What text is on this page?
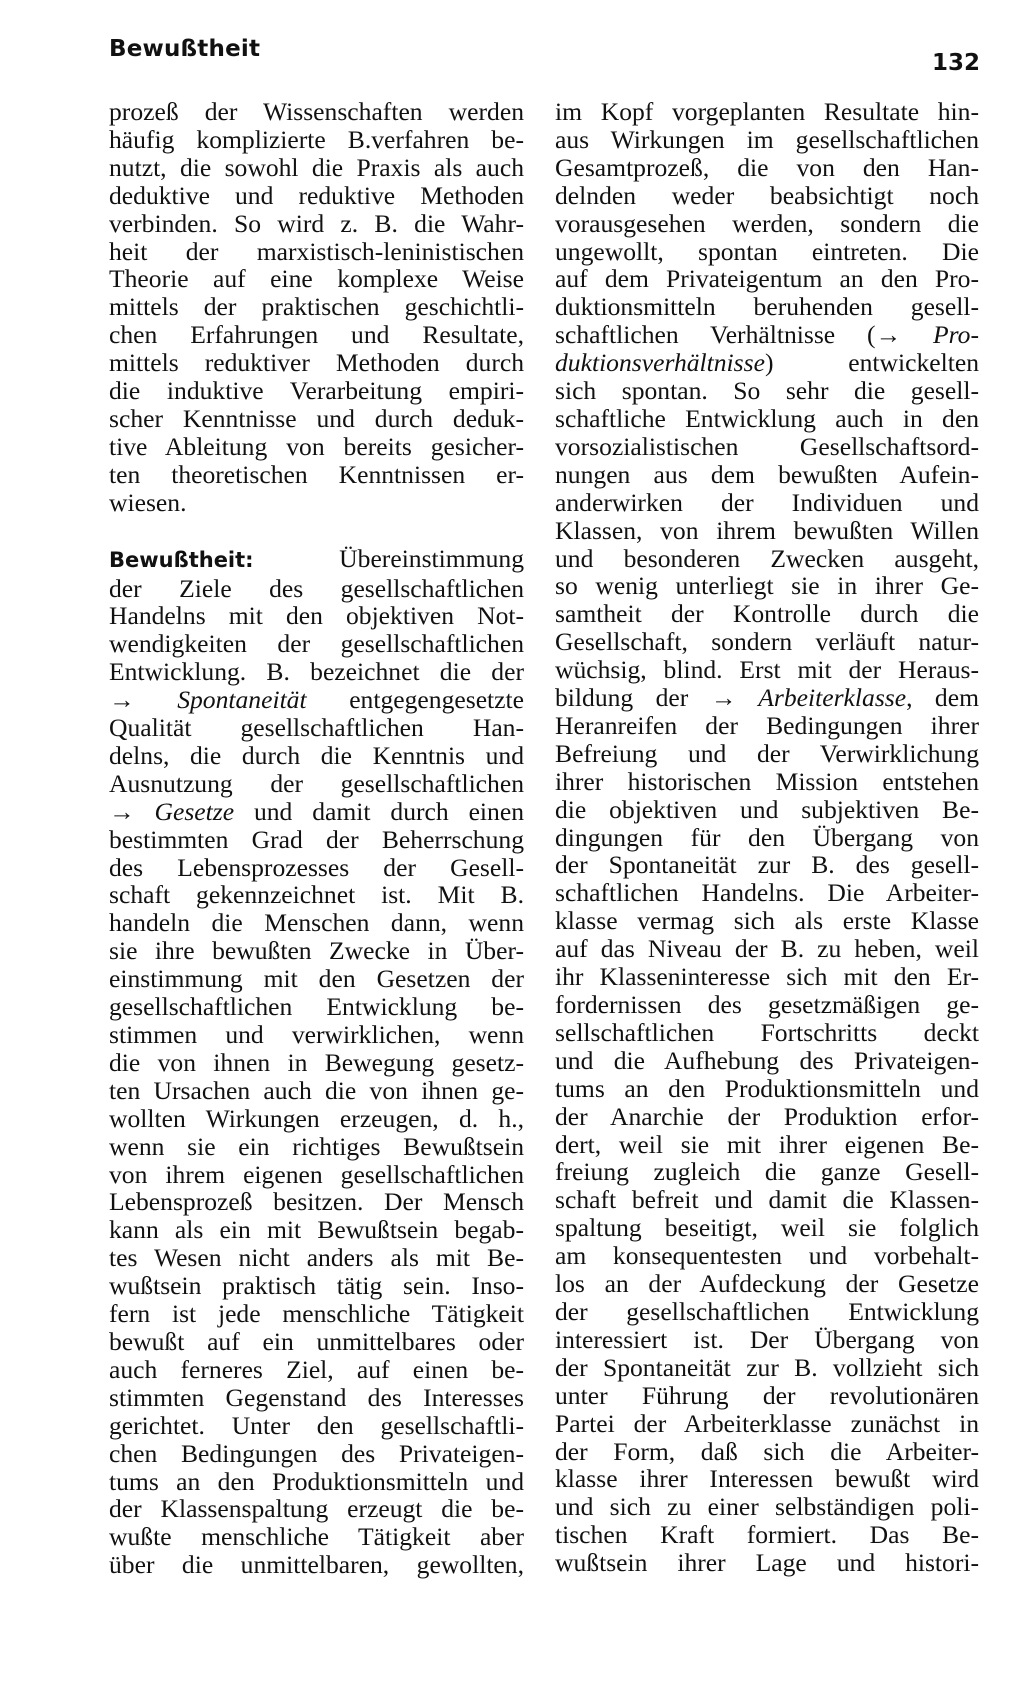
Bewußtheit
132
prozeß der Wissenschaften werden
häufig komplizierte B.verfahren be-
nutzt, die sowohl die Praxis als auch
deduktive und reduktive Methoden
verbinden. So wird z. B. die Wahr-
heit der marxistisch-leninistischen
Theorie auf eine komplexe Weise
mittels der praktischen geschichtli-
chen Erfahrungen und Resultate,
mittels reduktiver Methoden durch
die induktive Verarbeitung empiri-
scher Kenntnisse und durch deduk-
tive Ableitung von bereits gesicher-
ten theoretischen Kenntnissen er-
wiesen.
Bewußtheit:	Übereinstimmung
der Ziele des gesellschaftlichen
Handelns mit den objektiven Not-
wendigkeiten der gesellschaftlichen
Entwicklung. B. bezeichnet die der
→ Spontaneität entgegengesetzte
Qualität gesellschaftlichen Han-
delns, die durch die Kenntnis und
Ausnutzung der gesellschaftlichen
→ Gesetze und damit durch einen
bestimmten Grad der Beherrschung
des Lebensprozesses der Gesell-
schaft gekennzeichnet ist. Mit B.
handeln die Menschen dann, wenn
sie ihre bewußten Zwecke in Über-
einstimmung mit den Gesetzen der
gesellschaftlichen Entwicklung be-
stimmen und verwirklichen, wenn
die von ihnen in Bewegung gesetz-
ten Ursachen auch die von ihnen ge-
wollten Wirkungen erzeugen, d. h.,
wenn sie ein richtiges Bewußtsein
von ihrem eigenen gesellschaftlichen
Lebensprozeß besitzen. Der Mensch
kann als ein mit Bewußtsein begab-
tes Wesen nicht anders als mit Be-
wußtsein praktisch tätig sein. Inso-
fern ist jede menschliche Tätigkeit
bewußt auf ein unmittelbares oder
auch ferneres Ziel, auf einen be-
stimmten Gegenstand des Interesses
gerichtet. Unter den gesellschaftli-
chen Bedingungen des Privateigen-
tums an den Produktionsmitteln und
der Klassenspaltung erzeugt die be-
wußte menschliche Tätigkeit aber
über die unmittelbaren, gewollten,
im Kopf vorgeplanten Resultate hin-
aus Wirkungen im gesellschaftlichen
Gesamtprozeß, die von den Han-
delnden weder beabsichtigt noch
vorausgesehen werden, sondern die
ungewollt, spontan eintreten. Die
auf dem Privateigentum an den Pro-
duktionsmitteln beruhenden gesell-
schaftlichen Verhältnisse (→ Pro-
duktionsverhältnisse) entwickelten
sich spontan. So sehr die gesell-
schaftliche Entwicklung auch in den
vorsozialistischen Gesellschaftsord-
nungen aus dem bewußten Aufein-
anderwirken der Individuen und
Klassen, von ihrem bewußten Willen
und besonderen Zwecken ausgeht,
so wenig unterliegt sie in ihrer Ge-
samtheit der Kontrolle durch die
Gesellschaft, sondern verläuft natur-
wüchsig, blind. Erst mit der Heraus-
bildung der → Arbeiterklasse, dem
Heranreifen der Bedingungen ihrer
Befreiung und der Verwirklichung
ihrer historischen Mission entstehen
die objektiven und subjektiven Be-
dingungen für den Übergang von
der Spontaneität zur B. des gesell-
schaftlichen Handelns. Die Arbeiter-
klasse vermag sich als erste Klasse
auf das Niveau der B. zu heben, weil
ihr Klasseninteresse sich mit den Er-
fordernissen des gesetzmäßigen ge-
sellschaftlichen Fortschritts deckt
und die Aufhebung des Privateigen-
tums an den Produktionsmitteln und
der Anarchie der Produktion erfor-
dert, weil sie mit ihrer eigenen Be-
freiung zugleich die ganze Gesell-
schaft befreit und damit die Klassen-
spaltung beseitigt, weil sie folglich
am konsequentesten und vorbehalt-
los an der Aufdeckung der Gesetze
der gesellschaftlichen Entwicklung
interessiert ist. Der Übergang von
der Spontaneität zur B. vollzieht sich
unter Führung der revolutionären
Partei der Arbeiterklasse zunächst in
der Form, daß sich die Arbeiter-
klasse ihrer Interessen bewußt wird
und sich zu einer selbständigen poli-
tischen Kraft formiert. Das Be-
wußtsein ihrer Lage und histori-
